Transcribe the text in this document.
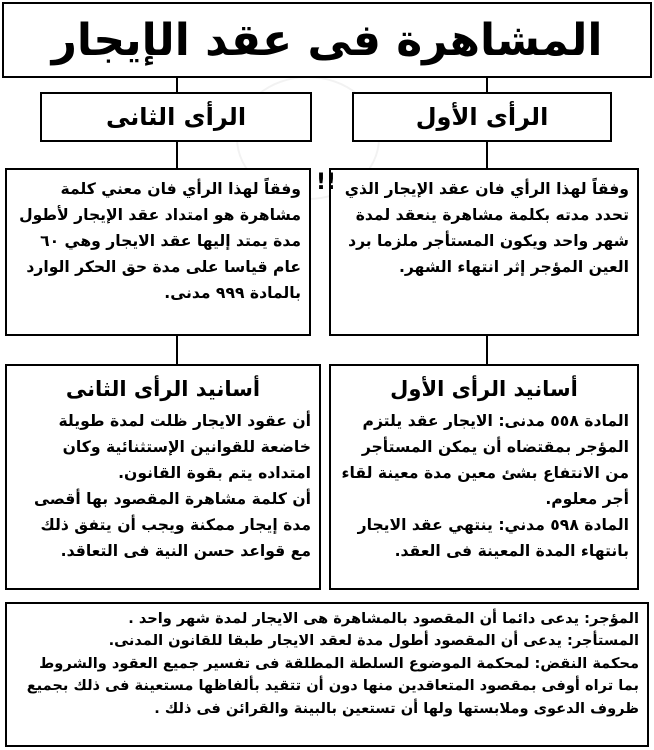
المشاهرة فى عقد الإيجار
الرأى الأول
الرأى الثانى
وفقاً لهذا الرأي فان عقد الإيجار الذي تحدد مدته بكلمة مشاهرة ينعقد لمدة شهر واحد ويكون المستأجر ملزما برد العين المؤجر إثر انتهاء الشهر.
!!
وفقاً لهذا الرأي فان معني كلمة مشاهرة هو امتداد عقد الإيجار لأطول مدة يمتد إليها عقد الايجار وهي ٦٠ عام قياسا على مدة حق الحكر الوارد بالمادة ٩٩٩ مدنى.
أسانيد الرأى الأول

المادة ٥٥٨ مدنى: الايجار عقد يلتزم المؤجر بمقتضاه أن يمكن المستأجر من الانتفاع بشئ معين مدة معينة لقاء أجر معلوم.

المادة ٥٩٨ مدني: ينتهي عقد الايجار بانتهاء المدة المعينة فى العقد.

أسانيد الرأى الثانى

أن عقود الايجار ظلت لمدة طويلة خاضعة للقوانين الإستثنائية وكان امتداده يتم بقوة القانون.

أن كلمة مشاهرة المقصود بها أقصى مدة إيجار ممكنة ويجب أن يتفق ذلك مع قواعد حسن النية فى التعاقد.

المؤجر: يدعى دائما أن المقصود بالمشاهرة هى الايجار لمدة شهر واحد .

المستأجر: يدعى أن المقصود أطول مدة لعقد الايجار طبقا للقانون المدنى.

محكمة النقض: لمحكمة الموضوع السلطة المطلقة فى تفسير جميع العقود والشروط بما تراه أوفى بمقصود المتعاقدين منها دون أن تتقيد بألفاظها مستعينة فى ذلك بجميع ظروف الدعوى وملابستها ولها أن تستعين بالبينة والقرائن فى ذلك .
